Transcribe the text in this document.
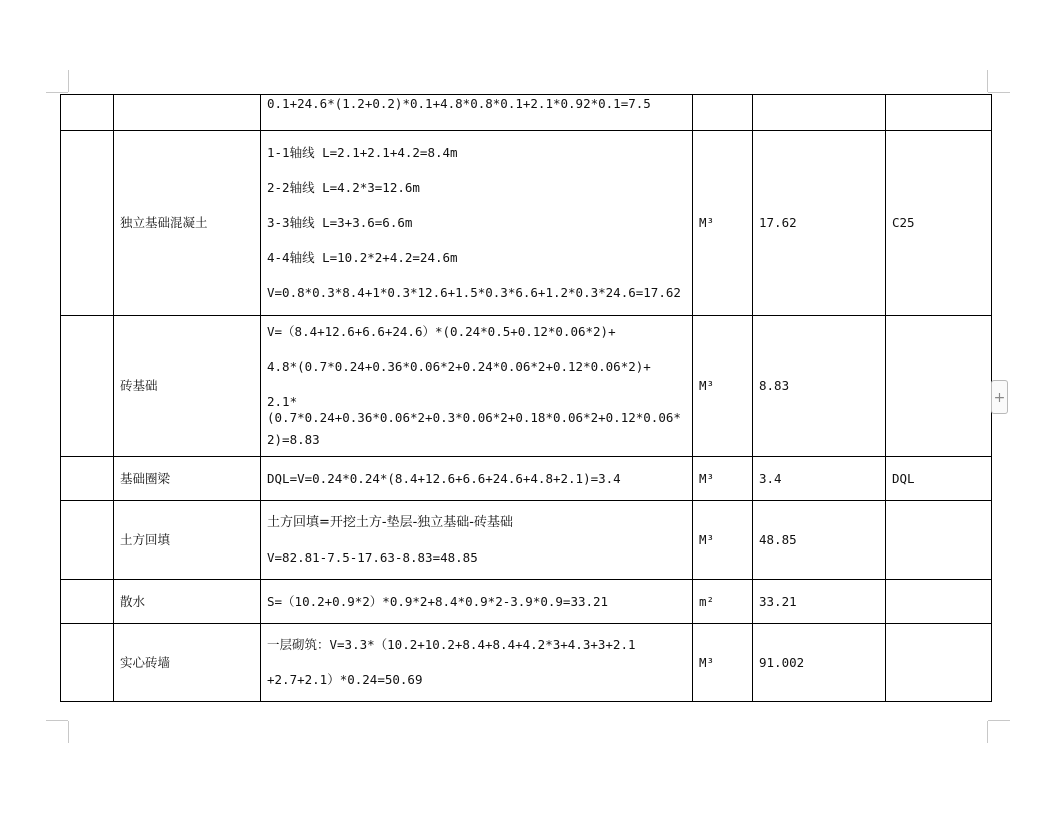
		0.1+24.6*(1.2+0.2)*0.1+4.8*0.8*0.1+2.1*0.92*0.1=7.5			

	独立基础混凝土	1-1轴线 L=2.1+2.1+4.2=8.4m
2-2轴线 L=4.2*3=12.6m
3-3轴线 L=3+3.6=6.6m
4-4轴线 L=10.2*2+4.2=24.6m
V=0.8*0.3*8.4+1*0.3*12.6+1.5*0.3*6.6+1.2*0.3*24.6=17.62	M³	17.62	C25
	砖基础	V=（8.4+12.6+6.6+24.6）*(0.24*0.5+0.12*0.06*2)+
4.8*(0.7*0.24+0.36*0.06*2+0.24*0.06*2+0.12*0.06*2)+
2.1*(0.7*0.24+0.36*0.06*2+0.3*0.06*2+0.18*0.06*2+0.12*0.06*
2)=8.83	M³	8.83	
	基础圈梁	DQL=V=0.24*0.24*(8.4+12.6+6.6+24.6+4.8+2.1)=3.4	M³	3.4	DQL
	土方回填	土方回填=开挖土方-垫层-独立基础-砖基础
V=82.81-7.5-17.63-8.83=48.85	M³	48.85	
	散水	S=（10.2+0.9*2）*0.9*2+8.4*0.9*2-3.9*0.9=33.21	m²	33.21	
	实心砖墙	一层砌筑：V=3.3*（10.2+10.2+8.4+8.4+4.2*3+4.3+3+2.1
+2.7+2.1）*0.24=50.69	M³	91.002	
+
